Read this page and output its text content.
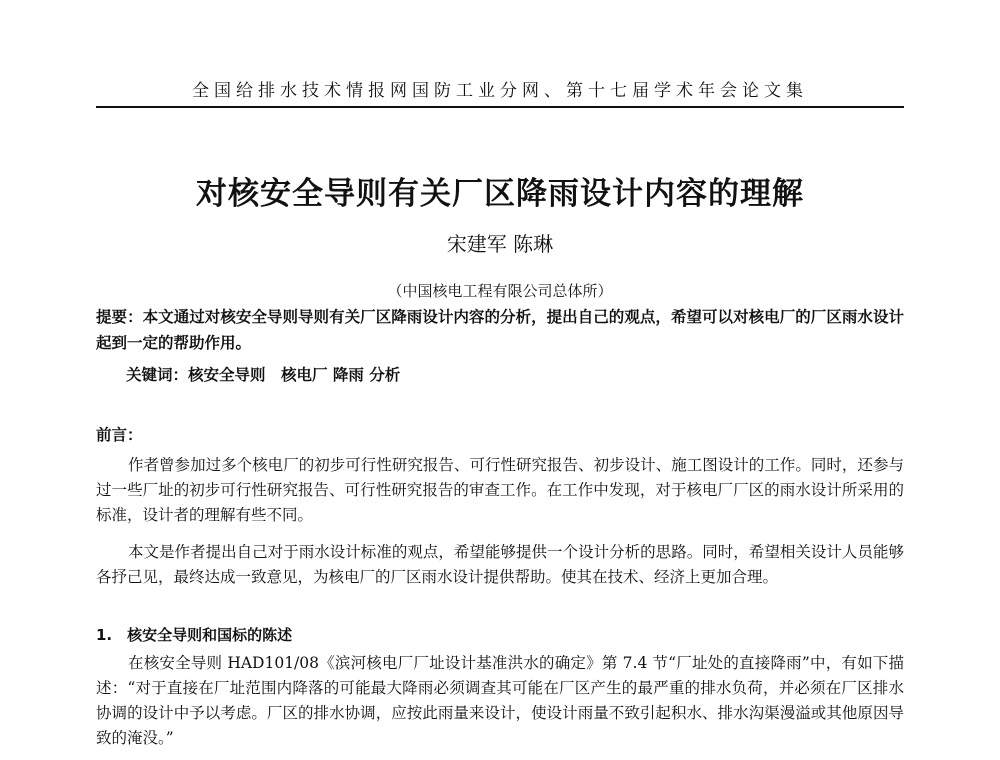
全国给排水技术情报网国防工业分网、第十七届学术年会论文集
对核安全导则有关厂区降雨设计内容的理解
宋建军 陈琳
（中国核电工程有限公司总体所）
提要：本文通过对核安全导则导则有关厂区降雨设计内容的分析，提出自己的观点，希望可以对核电厂的厂区雨水设计起到一定的帮助作用。
关键词：核安全导则　核电厂 降雨 分析
前言：
作者曾参加过多个核电厂的初步可行性研究报告、可行性研究报告、初步设计、施工图设计的工作。同时，还参与过一些厂址的初步可行性研究报告、可行性研究报告的审查工作。在工作中发现，对于核电厂厂区的雨水设计所采用的标准，设计者的理解有些不同。
本文是作者提出自己对于雨水设计标准的观点，希望能够提供一个设计分析的思路。同时，希望相关设计人员能够各抒己见，最终达成一致意见，为核电厂的厂区雨水设计提供帮助。使其在技术、经济上更加合理。
1.　核安全导则和国标的陈述
在核安全导则 HAD101/08《滨河核电厂厂址设计基准洪水的确定》第 7.4 节“厂址处的直接降雨”中，有如下描述：“对于直接在厂址范围内降落的可能最大降雨必须调查其可能在厂区产生的最严重的排水负荷，并必须在厂区排水协调的设计中予以考虑。厂区的排水协调，应按此雨量来设计，使设计雨量不致引起积水、排水沟渠漫溢或其他原因导致的淹没。”
